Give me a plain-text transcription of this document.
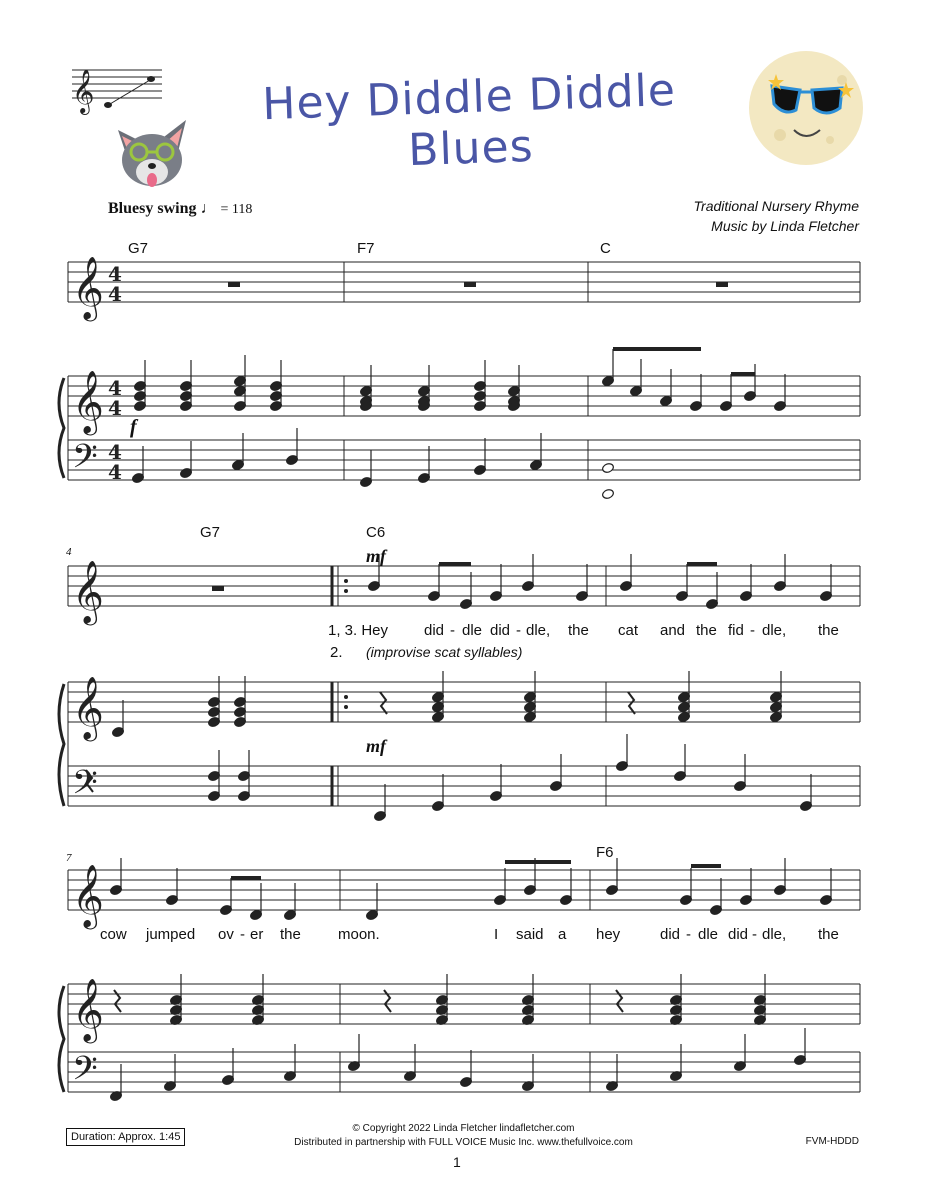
Hey Diddle Diddle Blues
Bluesy swing ♩ = 118	Traditional Nursery Rhyme
Music by Linda Fletcher
𝄞
𝄞
𝄞
𝄢
4
4
4
4
4
4
𝄞
𝄞
𝄢
𝄞
𝄞
𝄢
G7	F7	C
4
G7	C6
1, 3. Hey did - dle did - dle, the cat and the fid - dle, the
2. (improvise scat syllables)
mf
mf
f
7	F6
cow jumped ov - er the moon.	I said a hey	did - dle did - dle, the
Duration: Approx. 1:45
© Copyright 2022 Linda Fletcher lindafletcher.com
Distributed in partnership with FULL VOICE Music Inc. www.thefullvoice.com	FVM-HDDD
1
